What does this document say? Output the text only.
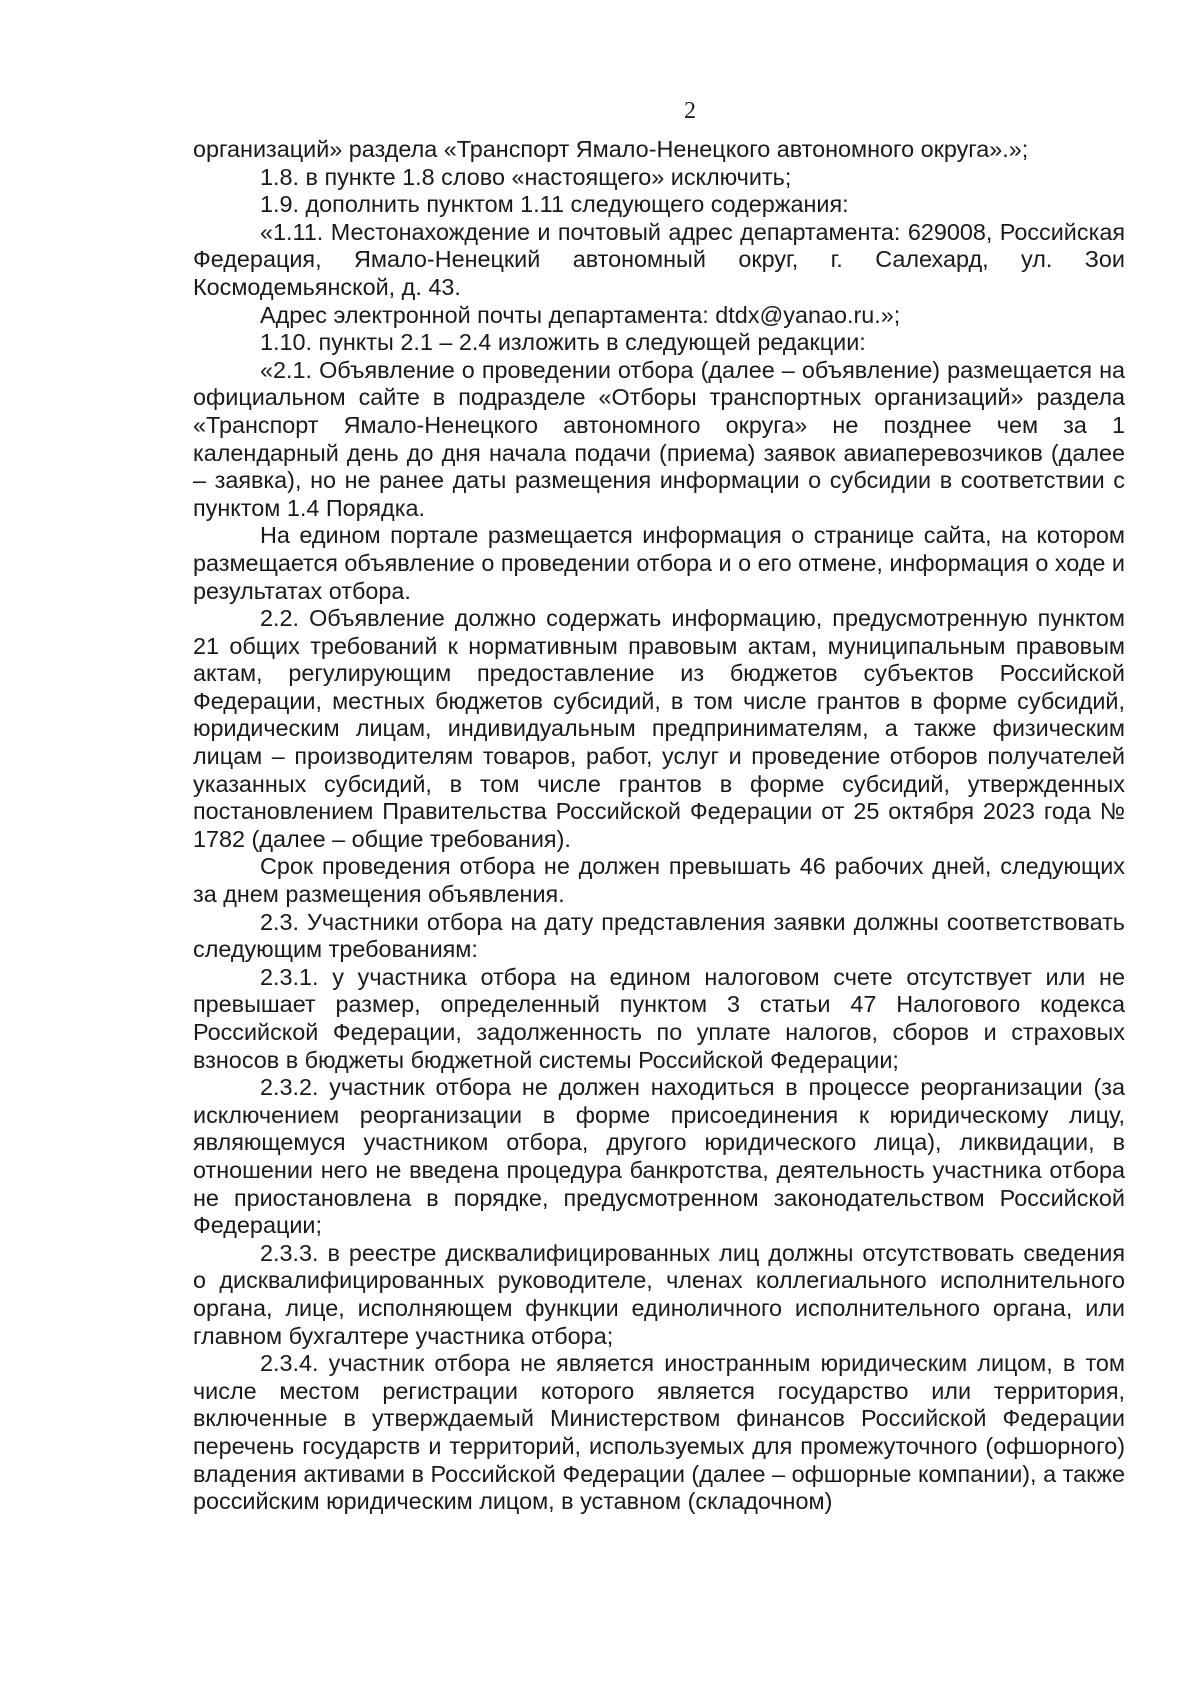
2

организаций» раздела «Транспорт Ямало-Ненецкого автономного округа».»;

1.8. в пункте 1.8 слово «настоящего» исключить;

1.9. дополнить пунктом 1.11 следующего содержания:

«1.11. Местонахождение и почтовый адрес департамента: 629008, Российская Федерация, Ямало-Ненецкий автономный округ, г. Салехард, ул. Зои Космодемьянской, д. 43.

Адрес электронной почты департамента: dtdx@yanao.ru.»;

1.10. пункты 2.1 – 2.4 изложить в следующей редакции:

«2.1. Объявление о проведении отбора (далее – объявление) размещается на официальном сайте в подразделе «Отборы транспортных организаций» раздела «Транспорт Ямало-Ненецкого автономного округа» не позднее чем за 1 календарный день до дня начала подачи (приема) заявок авиаперевозчиков (далее – заявка), но не ранее даты размещения информации о субсидии в соответствии с пунктом 1.4 Порядка.

На едином портале размещается информация о странице сайта, на котором размещается объявление о проведении отбора и о его отмене, информация о ходе и результатах отбора.

2.2. Объявление должно содержать информацию, предусмотренную пунктом 21 общих требований к нормативным правовым актам, муниципальным правовым актам, регулирующим предоставление из бюджетов субъектов Российской Федерации, местных бюджетов субсидий, в том числе грантов в форме субсидий, юридическим лицам, индивидуальным предпринимателям, а также физическим лицам – производителям товаров, работ, услуг и проведение отборов получателей указанных субсидий, в том числе грантов в форме субсидий, утвержденных постановлением Правительства Российской Федерации от 25 октября 2023 года № 1782 (далее – общие требования).

Срок проведения отбора не должен превышать 46 рабочих дней, следующих за днем размещения объявления.

2.3. Участники отбора на дату представления заявки должны соответствовать следующим требованиям:

2.3.1. у участника отбора на едином налоговом счете отсутствует или не превышает размер, определенный пунктом 3 статьи 47 Налогового кодекса Российской Федерации, задолженность по уплате налогов, сборов и страховых взносов в бюджеты бюджетной системы Российской Федерации;

2.3.2. участник отбора не должен находиться в процессе реорганизации (за исключением реорганизации в форме присоединения к юридическому лицу, являющемуся участником отбора, другого юридического лица), ликвидации, в отношении него не введена процедура банкротства, деятельность участника отбора не приостановлена в порядке, предусмотренном законодательством Российской Федерации;

2.3.3. в реестре дисквалифицированных лиц должны отсутствовать сведения о дисквалифицированных руководителе, членах коллегиального исполнительного органа, лице, исполняющем функции единоличного исполнительного органа, или главном бухгалтере участника отбора;

2.3.4. участник отбора не является иностранным юридическим лицом, в том числе местом регистрации которого является государство или территория, включенные в утверждаемый Министерством финансов Российской Федерации перечень государств и территорий, используемых для промежуточного (офшорного) владения активами в Российской Федерации (далее – офшорные компании), а также российским юридическим лицом, в уставном (складочном)
